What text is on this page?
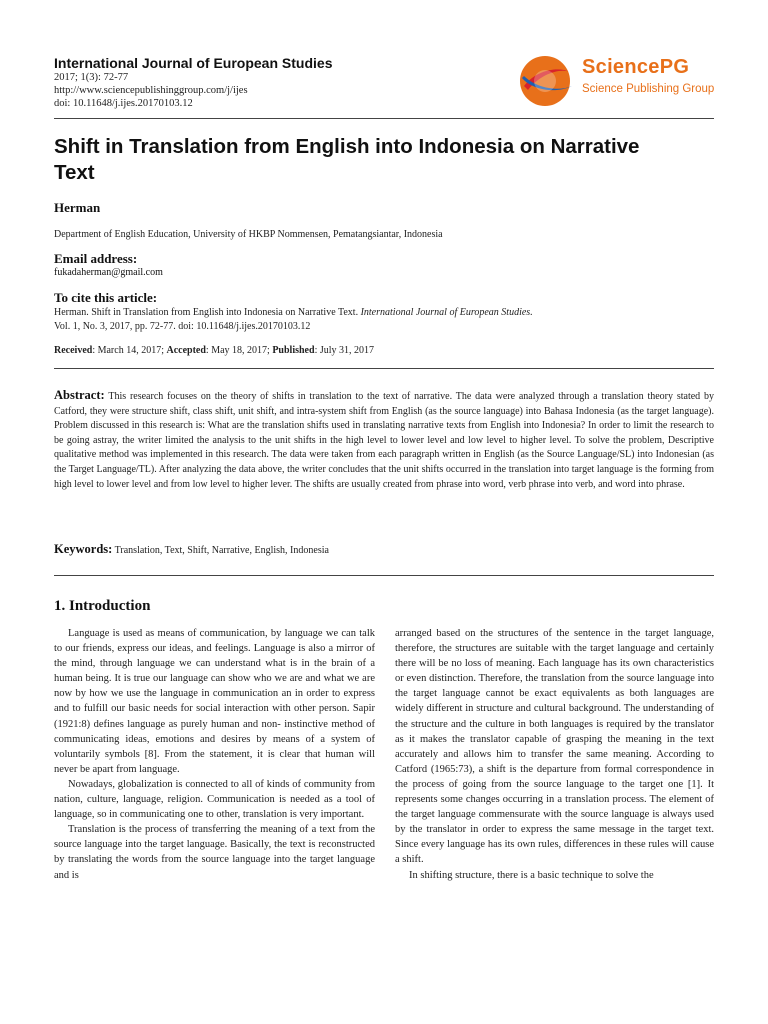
International Journal of European Studies
2017; 1(3): 72-77
http://www.sciencepublishinggroup.com/j/ijes
doi: 10.11648/j.ijes.20170103.12
SciencePG
Science Publishing Group
Shift in Translation from English into Indonesia on Narrative Text
Herman
Department of English Education, University of HKBP Nommensen, Pematangsiantar, Indonesia
Email address:
fukadaherman@gmail.com
To cite this article:
Herman. Shift in Translation from English into Indonesia on Narrative Text. International Journal of European Studies.
Vol. 1, No. 3, 2017, pp. 72-77. doi: 10.11648/j.ijes.20170103.12
Received: March 14, 2017; Accepted: May 18, 2017; Published: July 31, 2017
Abstract: This research focuses on the theory of shifts in translation to the text of narrative. The data were analyzed through a translation theory stated by Catford, they were structure shift, class shift, unit shift, and intra-system shift from English (as the source language) into Bahasa Indonesia (as the target language). Problem discussed in this research is: What are the translation shifts used in translating narrative texts from English into Indonesia? In order to limit the research to be going astray, the writer limited the analysis to the unit shifts in the high level to lower level and low level to higher level. To solve the problem, Descriptive qualitative method was implemented in this research. The data were taken from each paragraph written in English (as the Source Language/SL) into Indonesian (as the Target Language/TL). After analyzing the data above, the writer concludes that the unit shifts occurred in the translation into target language is the forming from high level to lower level and from low level to higher lever. The shifts are usually created from phrase into word, verb phrase into verb, and word into phrase.
Keywords: Translation, Text, Shift, Narrative, English, Indonesia
1. Introduction

Language is used as means of communication, by language we can talk to our friends, express our ideas, and feelings. Language is also a mirror of the mind, through language we can understand what is in the brain of a human being. It is true our language can show who we are and what we are now by how we use the language in communication an in order to express and to fulfill our basic needs for social interaction with other person. Sapir (1921:8) defines language as purely human and non- instinctive method of communicating ideas, emotions and desires by means of a system of voluntarily symbols [8]. From the statement, it is clear that human will never be apart from language.

Nowadays, globalization is connected to all of kinds of community from nation, culture, language, religion. Communication is needed as a tool of language, so in communicating one to other, translation is very important.

Translation is the process of transferring the meaning of a text from the source language into the target language. Basically, the text is reconstructed by translating the words from the source language into the target language and is

arranged based on the structures of the sentence in the target language, therefore, the structures are suitable with the target language and certainly there will be no loss of meaning. Each language has its own characteristics or even distinction. Therefore, the translation from the source language into the target language cannot be exact equivalents as both languages are widely different in structure and cultural background. The understanding of the structure and the culture in both languages is required by the translator as it makes the translator capable of grasping the meaning in the text accurately and allows him to transfer the same meaning. According to Catford (1965:73), a shift is the departure from formal correspondence in the process of going from the source language to the target one [1]. It represents some changes occurring in a translation process. The element of the target language commensurate with the source language is always used by the translator in order to express the same message in the target text. Since every language has its own rules, differences in these rules will cause a shift.

In shifting structure, there is a basic technique to solve the
